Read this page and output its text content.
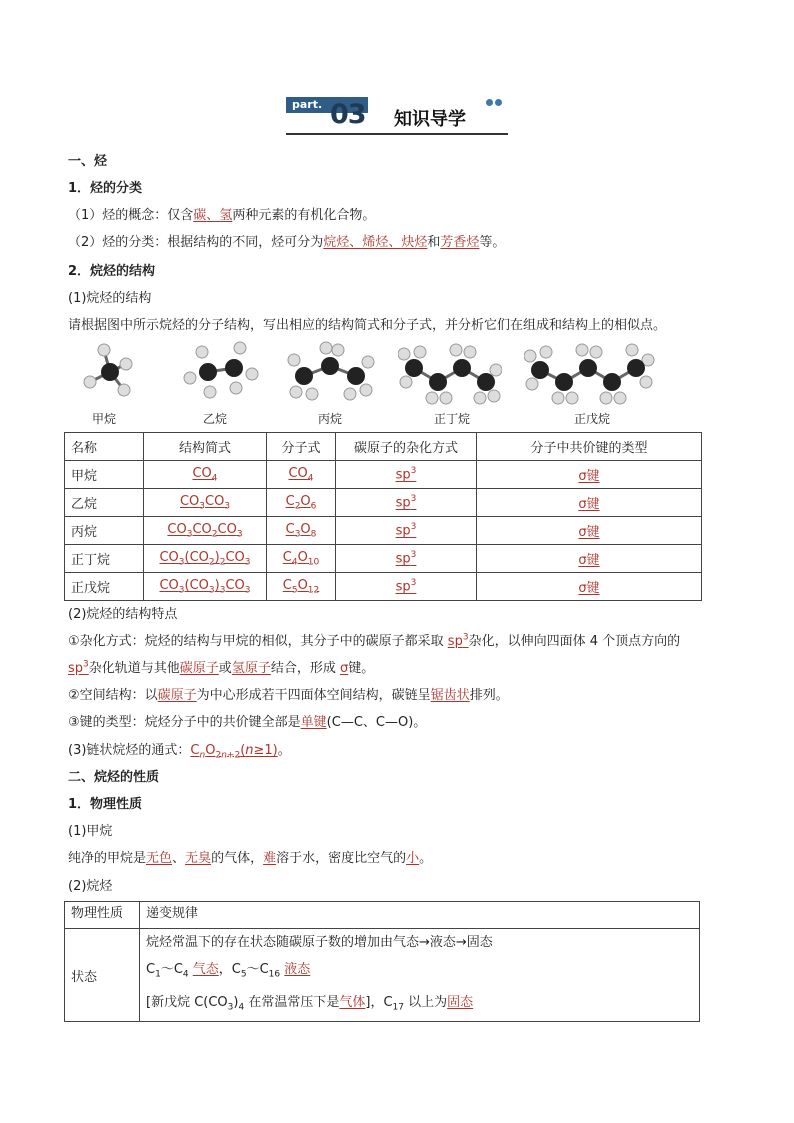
part. 03 知识导学
一、烃
1．烃的分类
（1）烃的概念：仅含碳、氢两种元素的有机化合物。
（2）烃的分类：根据结构的不同，烃可分为烷烃、烯烃、炔烃和芳香烃等。
2．烷烃的结构
(1)烷烃的结构
请根据图中所示烷烃的分子结构，写出相应的结构简式和分子式，并分析它们在组成和结构上的相似点。
甲烷	乙烷	丙烷	正丁烷	正戊烷
名称	结构简式	分子式	碳原子的杂化方式	分子中共价键的类型
甲烷	$CO_4$	$CO_4$	$sp^3$	σ键
乙烷	$CO_3CO_3$	$C_2O_6$	$sp^3$	σ键
丙烷	$CO_3CO_2CO_3$	$C_3O_8$	$sp^3$	σ键
正丁烷	$CO_3(CO_2)_2CO_3$	$C_4O_{10}$	$sp^3$	σ键
正戊烷	$CO_3(CO_3)_3CO_3$	$C_5O_{12}$	$sp^3$	σ键
(2)烷烃的结构特点
①杂化方式：烷烃的结构与甲烷的相似，其分子中的碳原子都采取 $sp^3$杂化，以伸向四面体 4 个顶点方向的
$sp^3$杂化轨道与其他碳原子或氢原子结合，形成 σ键。
②空间结构：以碳原子为中心形成若干四面体空间结构，碳链呈锯齿状排列。
③键的类型：烷烃分子中的共价键全部是单键(C—C、C—O)。
(3)链状烷烃的通式：$C_nO_{2n+2}(n\ge 1)$。
二、烷烃的性质
1．物理性质
(1)甲烷
纯净的甲烷是无色、无臭的气体，难溶于水，密度比空气的小。
(2)烷烃
物理性质	递变规律
状态	烷烃常温下的存在状态随碳原子数的增加由气态→液态→固态
$C_1\sim C_4$ 气态，$C_5\sim C_{16}$ 液态
[新戊烷 $C(CO_3)_4$ 在常温常压下是气体]，$C_{17}$ 以上为固态
